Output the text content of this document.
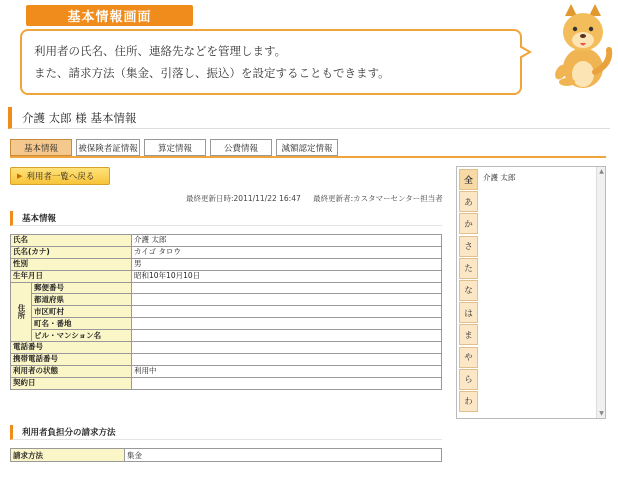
基本情報画面
利用者の氏名、住所、連絡先などを管理します。
また、請求方法（集金、引落し、振込）を設定することもできます。
介護 太郎 様 基本情報
基本情報	被保険者証情報	算定情報	公費情報	減額認定情報
▶ 利用者一覧へ戻る
最終更新日時:2011/11/22 16:47 最終更新者:カスタマーセンター担当者
基本情報
氏名		介護 太郎
氏名(カナ)		カイゴ タロウ
性別		男
生年月日		昭和10年10月10日
住所	郵便番号	
	都道府県	
	市区町村	
	町名・番地	
	ビル・マンション名	
電話番号		
携帯電話番号		
利用者の状態		利用中
契約日		
利用者負担分の請求方法
請求方法	集金
全
あ
か
さ
た
な
は
ま
や
ら
わ
介護 太郎
▲
▼
